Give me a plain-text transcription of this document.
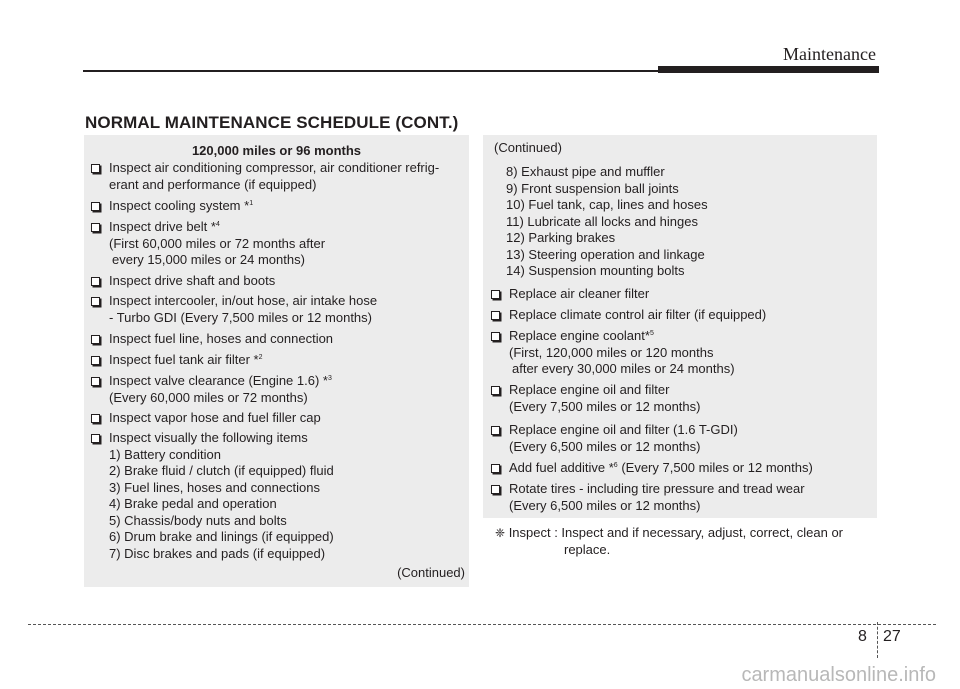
Maintenance
NORMAL MAINTENANCE SCHEDULE (CONT.)
120,000 miles or 96 months
Inspect air conditioning compressor, air conditioner refrig-
erant and performance (if equipped)
Inspect cooling system *$^1$
Inspect drive belt *$^4$
(First 60,000 miles or 72 months after
every 15,000 miles or 24 months)
Inspect drive shaft and boots
Inspect intercooler, in/out hose, air intake hose
- Turbo GDI (Every 7,500 miles or 12 months)
Inspect fuel line, hoses and connection
Inspect fuel tank air filter *$^2$
Inspect valve clearance (Engine 1.6) *$^3$
(Every 60,000 miles or 72 months)
Inspect vapor hose and fuel filler cap
Inspect visually the following items
1) Battery condition
2) Brake fluid / clutch (if equipped) fluid
3) Fuel lines, hoses and connections
4) Brake pedal and operation
5) Chassis/body nuts and bolts
6) Drum brake and linings (if equipped)
7) Disc brakes and pads (if equipped)
(Continued)
(Continued)
8) Exhaust pipe and muffler
9) Front suspension ball joints
10) Fuel tank, cap, lines and hoses
11) Lubricate all locks and hinges
12) Parking brakes
13) Steering operation and linkage
14) Suspension mounting bolts
Replace air cleaner filter
Replace climate control air filter (if equipped)
Replace engine coolant*$^5$
(First, 120,000 miles or 120 months
after every 30,000 miles or 24 months)
Replace engine oil and filter
(Every 7,500 miles or 12 months)
Replace engine oil and filter (1.6 T-GDI)
(Every 6,500 miles or 12 months)
Add fuel additive *$^6$ (Every 7,500 miles or 12 months)
Rotate tires - including tire pressure and tread wear
(Every 6,500 miles or 12 months)
❈ Inspect : Inspect and if necessary, adjust, correct, clean or
replace.
8 27
carmanualsonline.info
